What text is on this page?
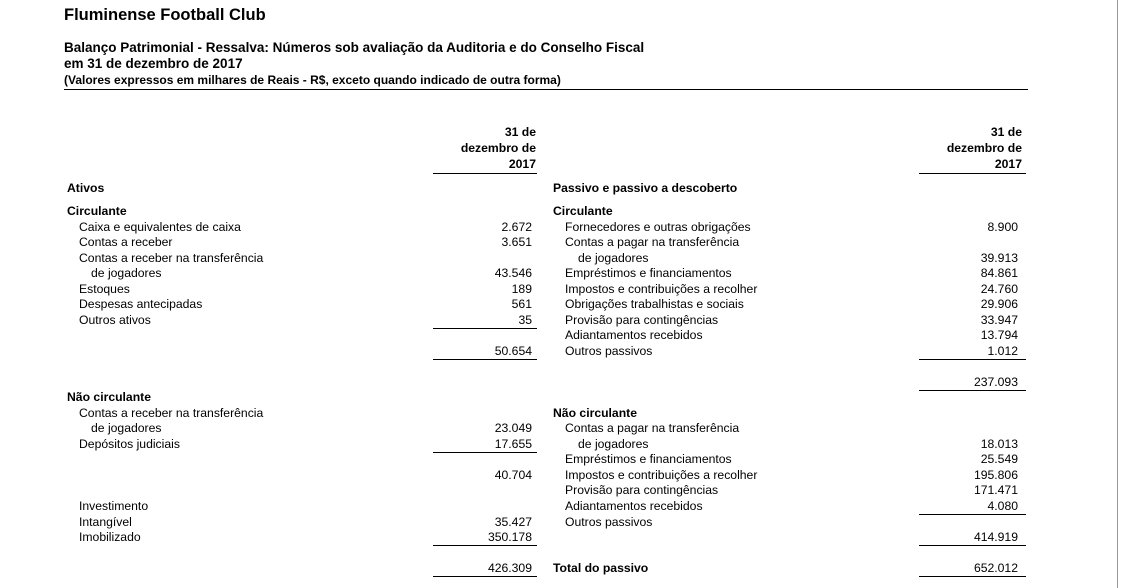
Fluminense Football Club
Balanço Patrimonial - Ressalva: Números sob avaliação da Auditoria e do Conselho Fiscal
em 31 de dezembro de 2017
(Valores expressos em milhares de Reais - R$, exceto quando indicado de outra forma)
31 de
dezembro de
2017
31 de
dezembro de
2017
Ativos
Circulante
Caixa e equivalentes de caixa	2.672
Contas a receber	3.651
Contas a receber na transferência
de jogadores	43.546
Estoques	189
Despesas antecipadas	561
Outros ativos	35
50.654
Não circulante
Contas a receber na transferência
de jogadores	23.049
Depósitos judiciais	17.655
40.704
Investimento
Intangível	35.427
Imobilizado	350.178
426.309
Passivo e passivo a descoberto
Circulante
Fornecedores e outras obrigações	8.900
Contas a pagar na transferência
de jogadores	39.913
Empréstimos e financiamentos	84.861
Impostos e contribuições a recolher	24.760
Obrigações trabalhistas e sociais	29.906
Provisão para contingências	33.947
Adiantamentos recebidos	13.794
Outros passivos	1.012
237.093
Não circulante
Contas a pagar na transferência
de jogadores	18.013
Empréstimos e financiamentos	25.549
Impostos e contribuições a recolher	195.806
Provisão para contingências	171.471
Adiantamentos recebidos	4.080
Outros passivos
414.919
Total do passivo	652.012
